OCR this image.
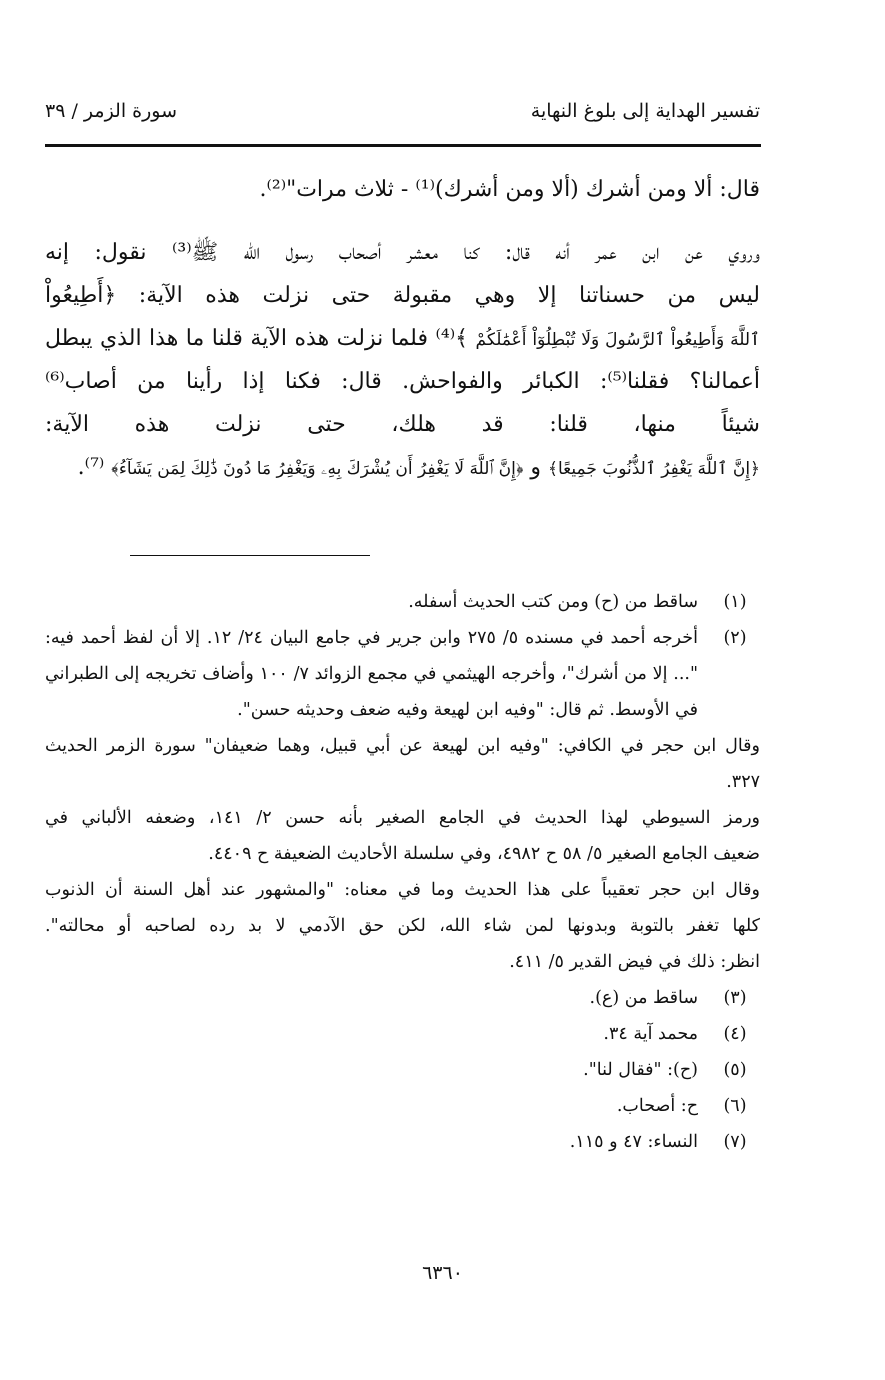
تفسير الهداية إلى بلوغ النهاية
سورة الزمر / ٣٩
قال: ألا ومن أشرك (ألا ومن أشرك)⁽¹⁾ - ثلاث مرات"⁽²⁾.
وروي عن ابن عمر أنه قال: كنا معشر أصحاب رسول الله ﷺ⁽³⁾ نقول: إنه
ليس من حسناتنا إلا وهي مقبولة حتى نزلت هذه الآية: ﴿أَطِيعُواْ
ٱللَّهَ وَأَطِيعُواْ ٱلرَّسُولَ وَلَا تُبْطِلُوٓاْ أَعْمَٰلَكُمْ ﴾⁽⁴⁾ فلما نزلت هذه الآية قلنا ما هذا الذي يبطل
أعمالنا؟ فقلنا⁽⁵⁾: الكبائر والفواحش. قال: فكنا إذا رأينا من أصاب⁽⁶⁾
شيئاً منها، قلنا: قد هلك، حتى نزلت هذه الآية:
﴿إِنَّ ٱللَّهَ يَغْفِرُ ٱلذُّنُوبَ جَمِيعًا﴾ و ﴿إِنَّ ٱللَّهَ لَا يَغْفِرُ أَن يُشْرَكَ بِهِۦ وَيَغْفِرُ مَا دُونَ ذَٰلِكَ لِمَن يَشَآءُ﴾ ⁽⁷⁾.
(١)
ساقط من (ح) ومن كتب الحديث أسفله.
(٢)
أخرجه أحمد في مسنده ٥/ ٢٧٥ وابن جرير في جامع البيان ٢٤/ ١٢. إلا أن لفظ أحمد فيه:
"... إلا من أشرك"، وأخرجه الهيثمي في مجمع الزوائد ٧/ ١٠٠ وأضاف تخريجه إلى الطبراني
في الأوسط. ثم قال: "وفيه ابن لهيعة وفيه ضعف وحديثه حسن".
وقال ابن حجر في الكافي: "وفيه ابن لهيعة عن أبي قبيل، وهما ضعيفان" سورة الزمر الحديث
٣٢٧.
ورمز السيوطي لهذا الحديث في الجامع الصغير بأنه حسن ٢/ ١٤١، وضعفه الألباني في
ضعيف الجامع الصغير ٥/ ٥٨ ح ٤٩٨٢، وفي سلسلة الأحاديث الضعيفة ح ٤٤٠٩.
وقال ابن حجر تعقيباً على هذا الحديث وما في معناه: "والمشهور عند أهل السنة أن الذنوب
كلها تغفر بالتوبة وبدونها لمن شاء الله، لكن حق الآدمي لا بد رده لصاحبه أو محالته".
انظر: ذلك في فيض القدير ٥/ ٤١١.
(٣)
ساقط من (ع).
(٤)
محمد آية ٣٤.
(٥)
(ح): "فقال لنا".
(٦)
ح: أصحاب.
(٧)
النساء: ٤٧ و ١١٥.
٦٣٦٠
